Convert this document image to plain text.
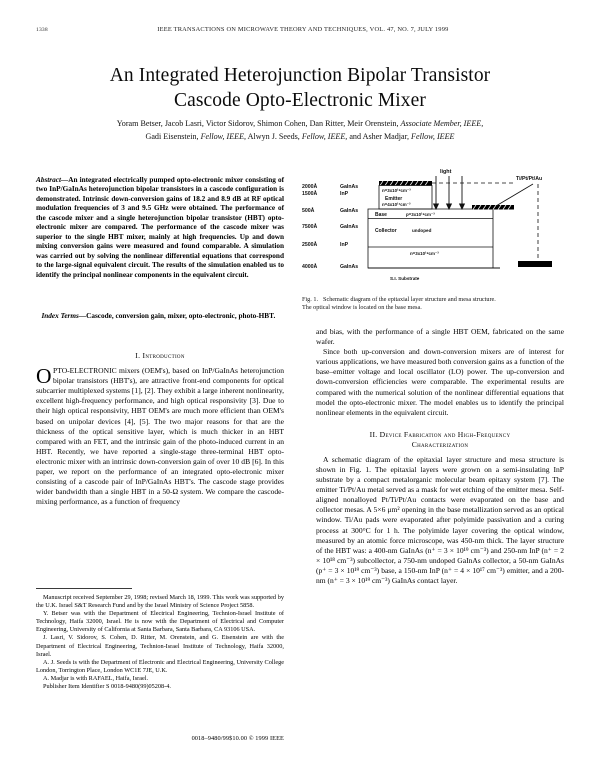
1338	IEEE TRANSACTIONS ON MICROWAVE THEORY AND TECHNIQUES, VOL. 47, NO. 7, JULY 1999
An Integrated Heterojunction Bipolar Transistor
Cascode Opto-Electronic Mixer
Yoram Betser, Jacob Lasri, Victor Sidorov, Shimon Cohen, Dan Ritter, Meir Orenstein, Associate Member, IEEE,
Gadi Eisenstein, Fellow, IEEE, Alwyn J. Seeds, Fellow, IEEE, and Asher Madjar, Fellow, IEEE
Abstract—An integrated electrically pumped opto-electronic mixer consisting of two InP/GaInAs heterojunction bipolar transistors in a cascode configuration is demonstrated. Intrinsic down-conversion gains of 18.2 and 8.9 dB at RF optical modulation frequencies of 3 and 9.5 GHz were obtained. The performance of the cascode mixer and a single heterojunction bipolar transistor (HBT) opto-electronic mixer are compared. The performance of the cascode mixer was superior to the single HBT mixer, mainly at high frequencies. Up and down mixing conversion gains were measured and found comparable. A simulation was carried out by solving the nonlinear differential equations that correspond to the large-signal equivalent circuit. The results of the simulation enabled us to identify the principal nonlinear components in the equivalent circuit.
Index Terms—Cascode, conversion gain, mixer, opto-electronic, photo-HBT.
2000Å
1500Å
500Å
7500Å
2500Å
4000Å
GaInAs
InP
GaInAs
GaInAs
InP
GaInAs
n=3x10¹⁹cm⁻³
Emitter
n=4x10¹⁷cm⁻³
Base	p=3x10¹⁹cm⁻³
Collector	undoped
n=3x10¹⁹cm⁻³
S.I. Substrate
light
Ti/Pt/Pt/Au
Fig. 1. Schematic diagram of the epitaxial layer structure and mesa structure.
The optical window is located on the base mesa.
I. Introduction

OPTO-ELECTRONIC mixers (OEM's), based on InP/GaInAs heterojunction bipolar transistors (HBT's), are attractive front-end components for optical subcarrier multiplexed systems [1], [2]. They exhibit a large inherent nonlinearity, excellent high-frequency performance, and high optical responsivity [3]. Due to their high optical responsivity, HBT OEM's are much more efficient than OEM's based on unipolar devices [4], [5]. The two major reasons for that are the thickness of the optical sensitive layer, which is much thicker in an HBT compared with an FET, and the intrinsic gain of the photo-induced current in an HBT. Recently, we have reported a single-stage three-terminal HBT opto-electronic mixer with an intrinsic down-conversion gain of over 10 dB [6]. In this paper, we report on the performance of an integrated opto-electronic mixer consisting of a cascode pair of InP/GaInAs HBT's. The cascode stage provides wider bandwidth than a single HBT in a 50-Ω system. We compare the cascode-mixing performance, as a function of frequency

Manuscript received September 29, 1998; revised March 18, 1999. This work was supported by the U.K. Israel S&T Research Fund and by the Israel Ministry of Science Project 5858.

Y. Betser was with the Department of Electrical Engineering, Technion-Israel Institute of Technology, Haifa 32000, Israel. He is now with the Department of Electrical and Computer Engineering, University of California at Santa Barbara, Santa Barbara, CA 93106 USA.

J. Lasri, V. Sidorov, S. Cohen, D. Ritter, M. Orenstein, and G. Eisenstein are with the Department of Electrical Engineering, Technion-Israel Institute of Technology, Haifa 32000, Israel.

A. J. Seeds is with the Department of Electronic and Electrical Engineering, University College London, Torrington Place, London WC1E 7JE, U.K.

A. Madjar is with RAFAEL, Haifa, Israel.

Publisher Item Identifier S 0018-9480(99)05208-4.

0018–9480/99$10.00 © 1999 IEEE

and bias, with the performance of a single HBT OEM, fabricated on the same wafer.

Since both up-conversion and down-conversion mixers are of interest for various applications, we have measured both conversion gains as a function of the base–emitter voltage and local oscillator (LO) power. The up-conversion and down-conversion efficiencies were comparable. The experimental results are compared with the numerical solution of the nonlinear differential equations that model the opto-electronic mixer. The model enables us to identify the principal nonlinear elements in the equivalent circuit.

II. Device Fabrication and High-Frequency
Characterization

A schematic diagram of the epitaxial layer structure and mesa structure is shown in Fig. 1. The epitaxial layers were grown on a semi-insulating InP substrate by a compact metalorganic molecular beam epitaxy system [7]. The emitter Ti/Pt/Au metal served as a mask for wet etching of the emitter mesa. Self-aligned nonalloyed Pt/Ti/Pt/Au contacts were evaporated on the base and collector mesas. A 5×6 μm² opening in the base metallization served as an optical window. Ti/Au pads were evaporated after polyimide passivation and a curing process at 300°C for 1 h. The polyimide layer covering the optical window, measured by an atomic force microscope, was 450-nm thick. The layer structure of the HBT was: a 400-nm GaInAs (n⁺ = 3 × 10¹⁹ cm⁻³) and 250-nm InP (n⁺ = 2 × 10¹⁸ cm⁻³) subcollector, a 750-nm undoped GaInAs collector, a 50-nm GaInAs (p⁺ = 3 × 10¹⁹ cm⁻³) base, a 150-nm InP (n⁺ = 4 × 10¹⁷ cm⁻³) emitter, and a 200-nm (n⁺ = 3 × 10¹⁹ cm⁻³) GaInAs contact layer.
